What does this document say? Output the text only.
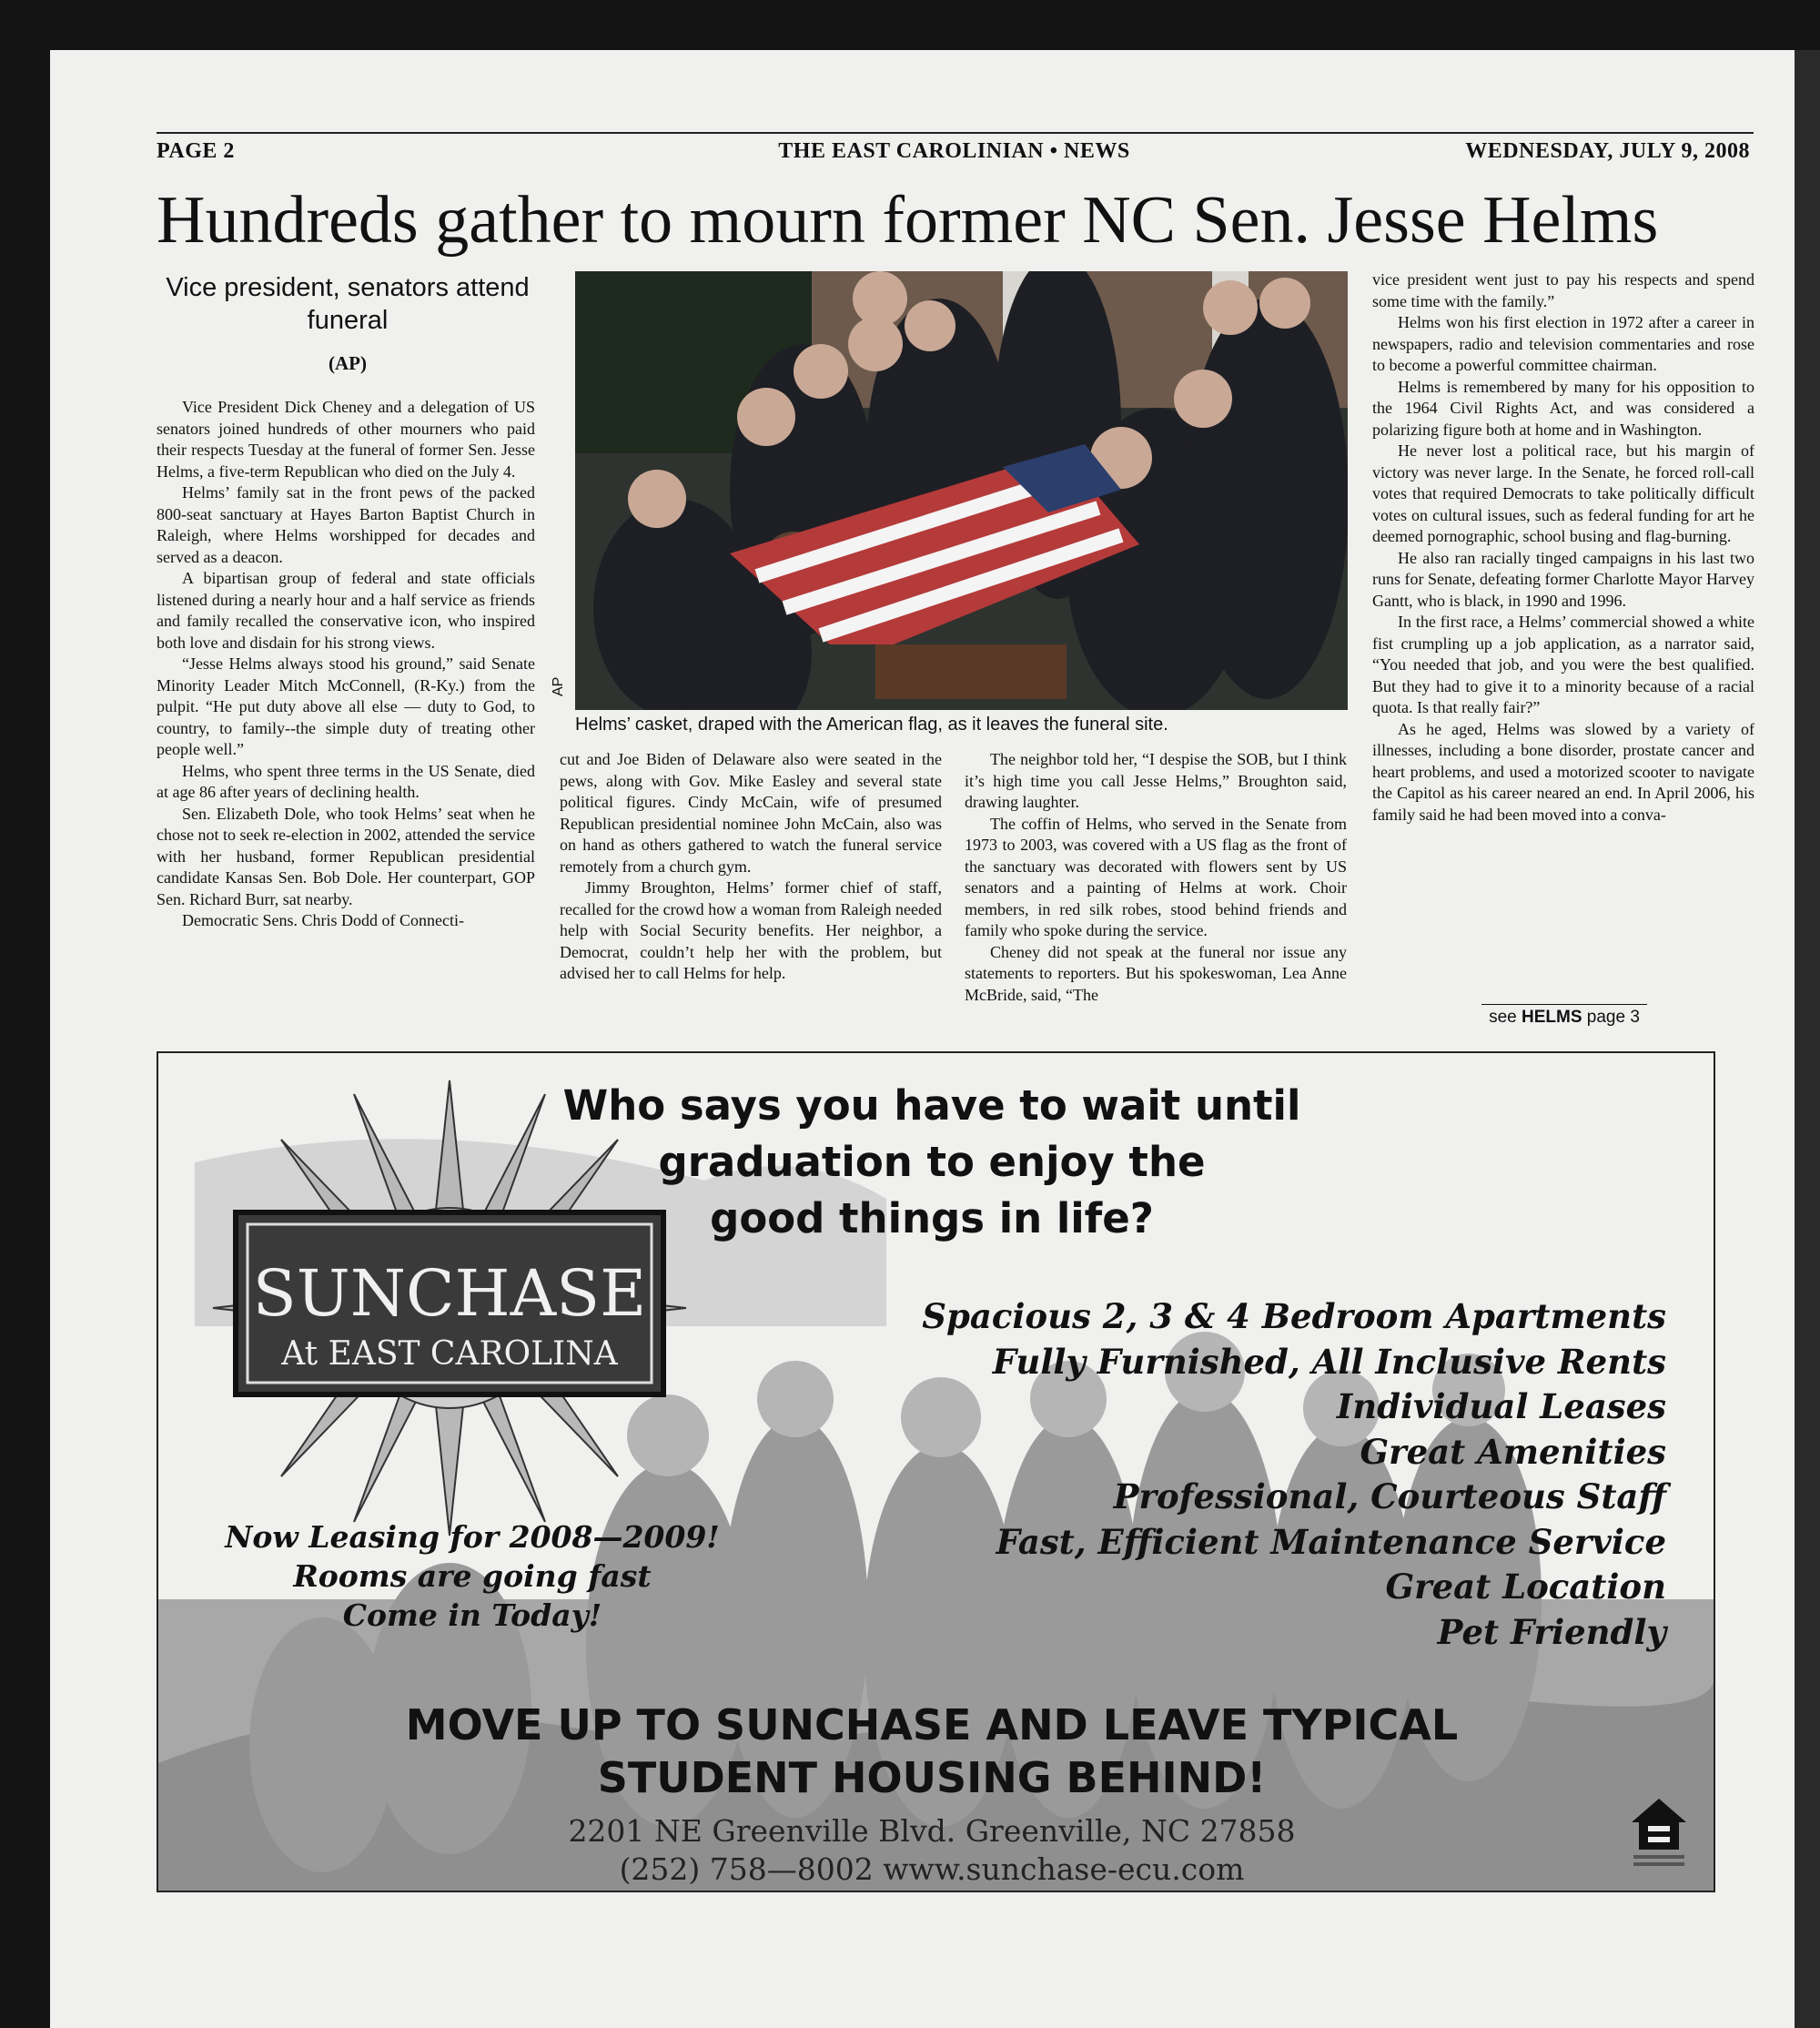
PAGE 2	THE EAST CAROLINIAN • NEWS	WEDNESDAY, JULY 9, 2008
Hundreds gather to mourn former NC Sen. Jesse Helms
Vice president, senators attend funeral
(AP)

Vice President Dick Cheney and a delegation of US senators joined hundreds of other mourners who paid their respects Tuesday at the funeral of former Sen. Jesse Helms, a five-term Republican who died on the July 4.

Helms’ family sat in the front pews of the packed 800-seat sanctuary at Hayes Barton Baptist Church in Raleigh, where Helms worshipped for decades and served as a deacon.

A bipartisan group of federal and state officials listened during a nearly hour and a half service as friends and family recalled the conservative icon, who inspired both love and disdain for his strong views.

“Jesse Helms always stood his ground,” said Senate Minority Leader Mitch McConnell, (R-Ky.) from the pulpit. “He put duty above all else — duty to God, to country, to family--the simple duty of treating other people well.”

Helms, who spent three terms in the US Senate, died at age 86 after years of declining health.

Sen. Elizabeth Dole, who took Helms’ seat when he chose not to seek re-election in 2002, attended the service with her husband, former Republican presidential candidate Kansas Sen. Bob Dole. Her counterpart, GOP Sen. Richard Burr, sat nearby.

Democratic Sens. Chris Dodd of Connecti-

AP
Helms’ casket, draped with the American flag, as it leaves the funeral site.

cut and Joe Biden of Delaware also were seated in the pews, along with Gov. Mike Easley and several state political figures. Cindy McCain, wife of presumed Republican presidential nominee John McCain, also was on hand as others gathered to watch the funeral service remotely from a church gym.

Jimmy Broughton, Helms’ former chief of staff, recalled for the crowd how a woman from Raleigh needed help with Social Security benefits. Her neighbor, a Democrat, couldn’t help her with the problem, but advised her to call Helms for help.

The neighbor told her, “I despise the SOB, but I think it’s high time you call Jesse Helms,” Broughton said, drawing laughter.

The coffin of Helms, who served in the Senate from 1973 to 2003, was covered with a US flag as the front of the sanctuary was decorated with flowers sent by US senators and a painting of Helms at work. Choir members, in red silk robes, stood behind friends and family who spoke during the service.

Cheney did not speak at the funeral nor issue any statements to reporters. But his spokeswoman, Lea Anne McBride, said, “The

vice president went just to pay his respects and spend some time with the family.”

Helms won his first election in 1972 after a career in newspapers, radio and television commentaries and rose to become a powerful committee chairman.

Helms is remembered by many for his opposition to the 1964 Civil Rights Act, and was considered a polarizing figure both at home and in Washington.

He never lost a political race, but his margin of victory was never large. In the Senate, he forced roll-call votes that required Democrats to take politically difficult votes on cultural issues, such as federal funding for art he deemed pornographic, school busing and flag-burning.

He also ran racially tinged campaigns in his last two runs for Senate, defeating former Charlotte Mayor Harvey Gantt, who is black, in 1990 and 1996.

In the first race, a Helms’ commercial showed a white fist crumpling up a job application, as a narrator said, “You needed that job, and you were the best qualified. But they had to give it to a minority because of a racial quota. Is that really fair?”

As he aged, Helms was slowed by a variety of illnesses, including a bone disorder, prostate cancer and heart problems, and used a motorized scooter to navigate the Capitol as his career neared an end. In April 2006, his family said he had been moved into a conva-

see HELMS page 3
SUNCHASE
At EAST CAROLINA
Who says you have to wait until
graduation to enjoy the
good things in life?
Spacious 2, 3 & 4 Bedroom Apartments
Fully Furnished, All Inclusive Rents
Individual Leases
Great Amenities
Professional, Courteous Staff
Fast, Efficient Maintenance Service
Great Location
Pet Friendly
Now Leasing for 2008—2009!
Rooms are going fast
Come in Today!
MOVE UP TO SUNCHASE AND LEAVE TYPICAL
STUDENT HOUSING BEHIND!
2201 NE Greenville Blvd. Greenville, NC 27858
(252) 758—8002 www.sunchase-ecu.com
